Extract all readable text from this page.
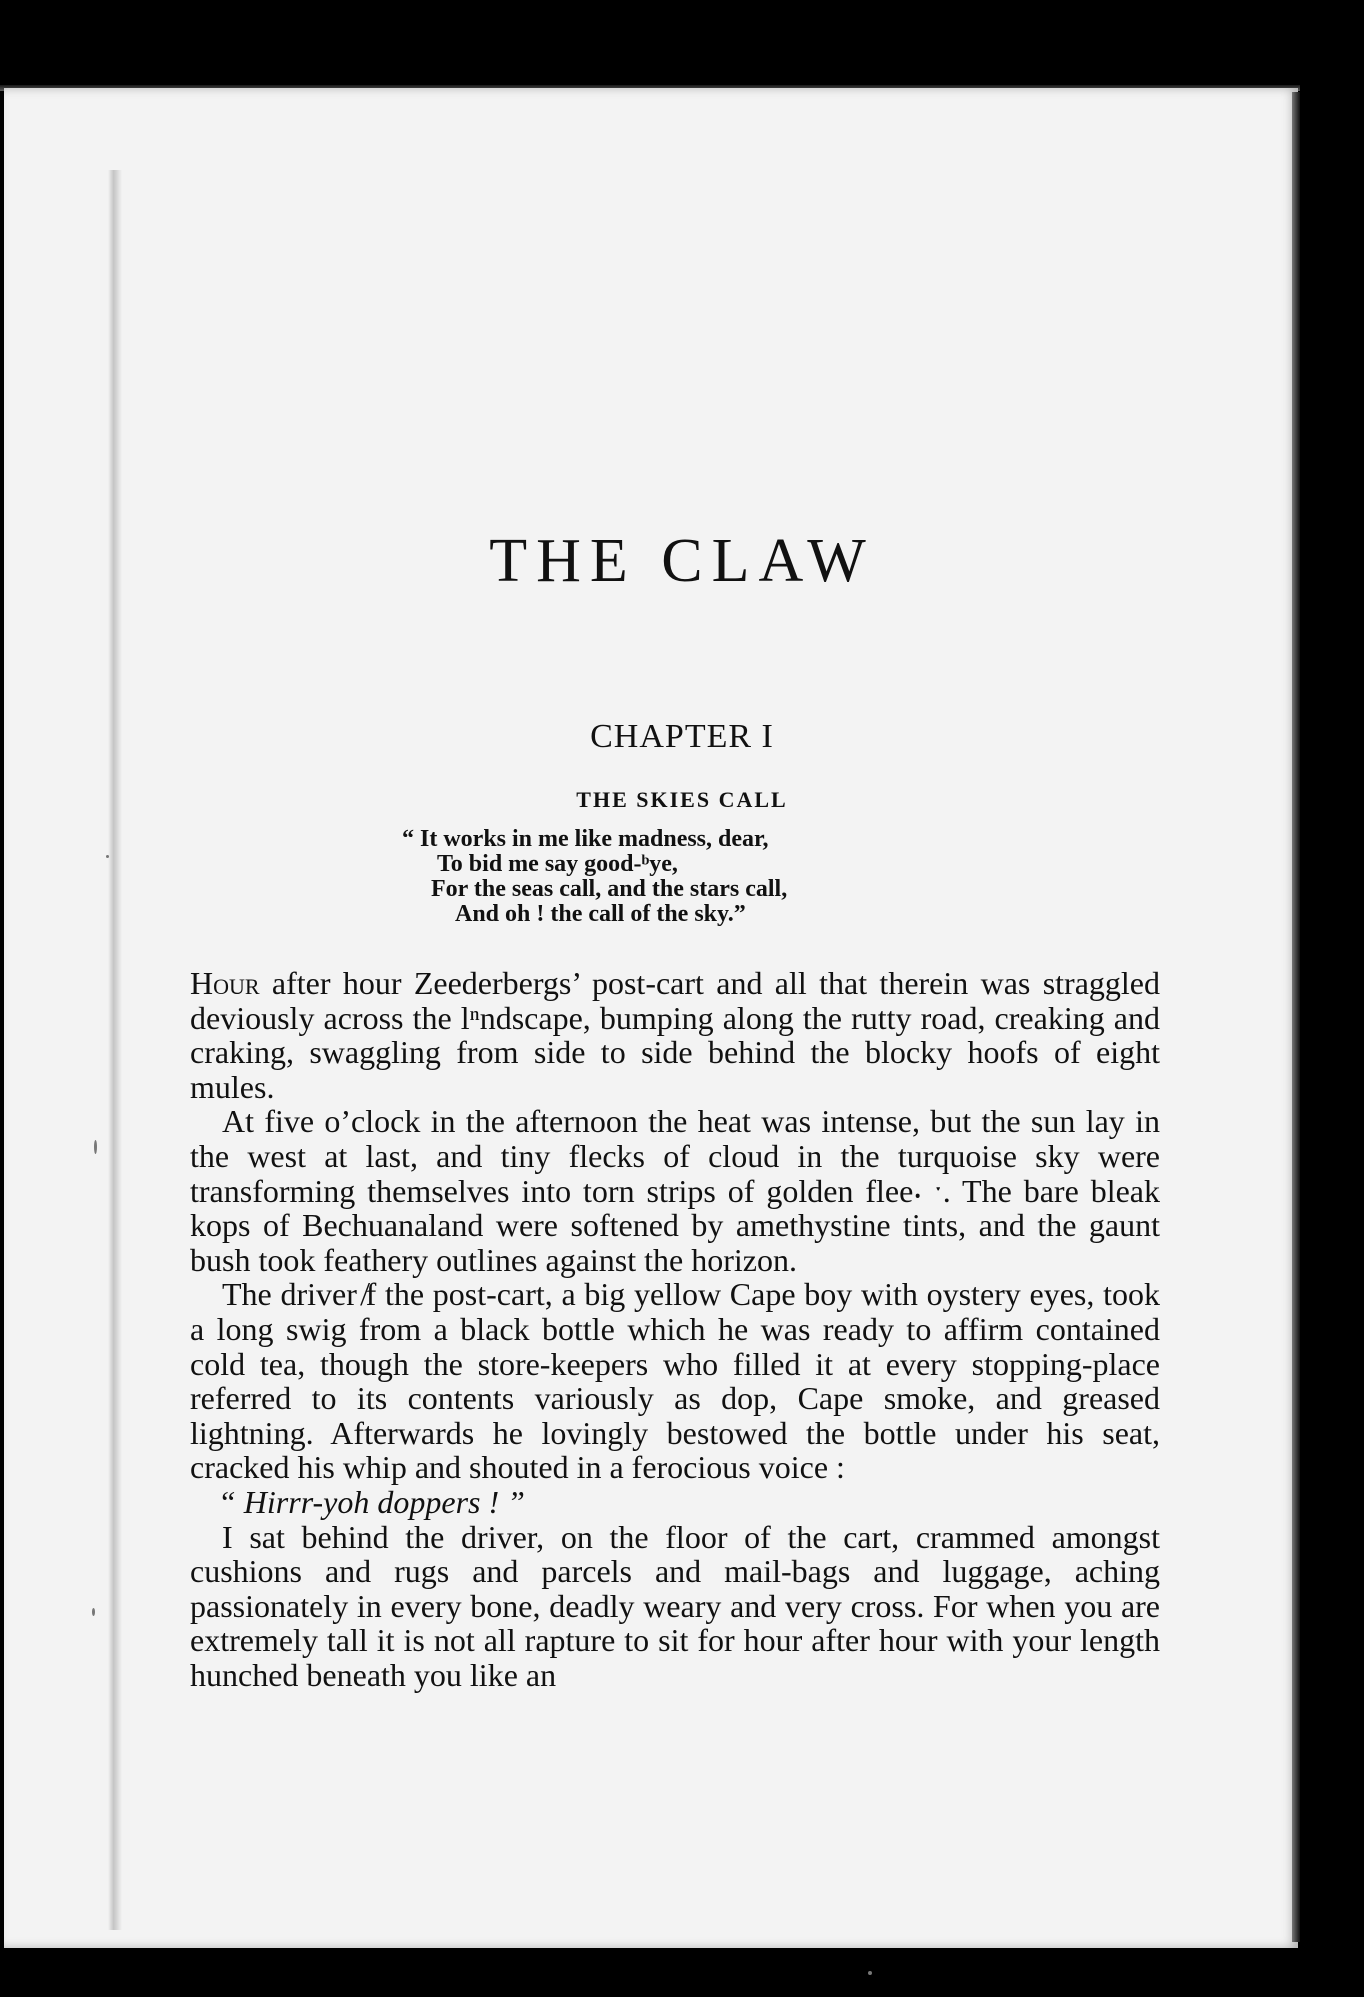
THE CLAW
CHAPTER I
THE SKIES CALL
“ It works in me like madness, dear,
To bid me say good-ᵇye,
For the seas call, and the stars call,
And oh ! the call of the sky.”

Hour after hour Zeederbergs’ post-cart and all that therein was straggled deviously across the lⁿndscape, bumping along the rutty road, creaking and craking, swaggling from side to side behind the blocky hoofs of eight mules.

At five o’clock in the afternoon the heat was intense, but the sun lay in the west at last, and tiny flecks of cloud in the turquoise sky were transforming themselves into torn strips of golden flee⸳ ˑ. The bare bleak kops of Bechuanaland were softened by amethystine tints, and the gaunt bush took feathery outlines against the horizon.

The driver ̸f the post-cart, a big yellow Cape boy with oystery eyes, took a long swig from a black bottle which he was ready to affirm contained cold tea, though the store-keepers who filled it at every stopping-place referred to its contents variously as dop, Cape smoke, and greased lightning. Afterwards he lovingly bestowed the bottle under his seat, cracked his whip and shouted in a ferocious voice :

“ Hirrr-yoh doppers ! ”

I sat behind the driver, on the floor of the cart, crammed amongst cushions and rugs and parcels and mail-bags and luggage, aching passionately in every bone, deadly weary and very cross. For when you are extremely tall it is not all rapture to sit for hour after hour with your length hunched beneath you like an
